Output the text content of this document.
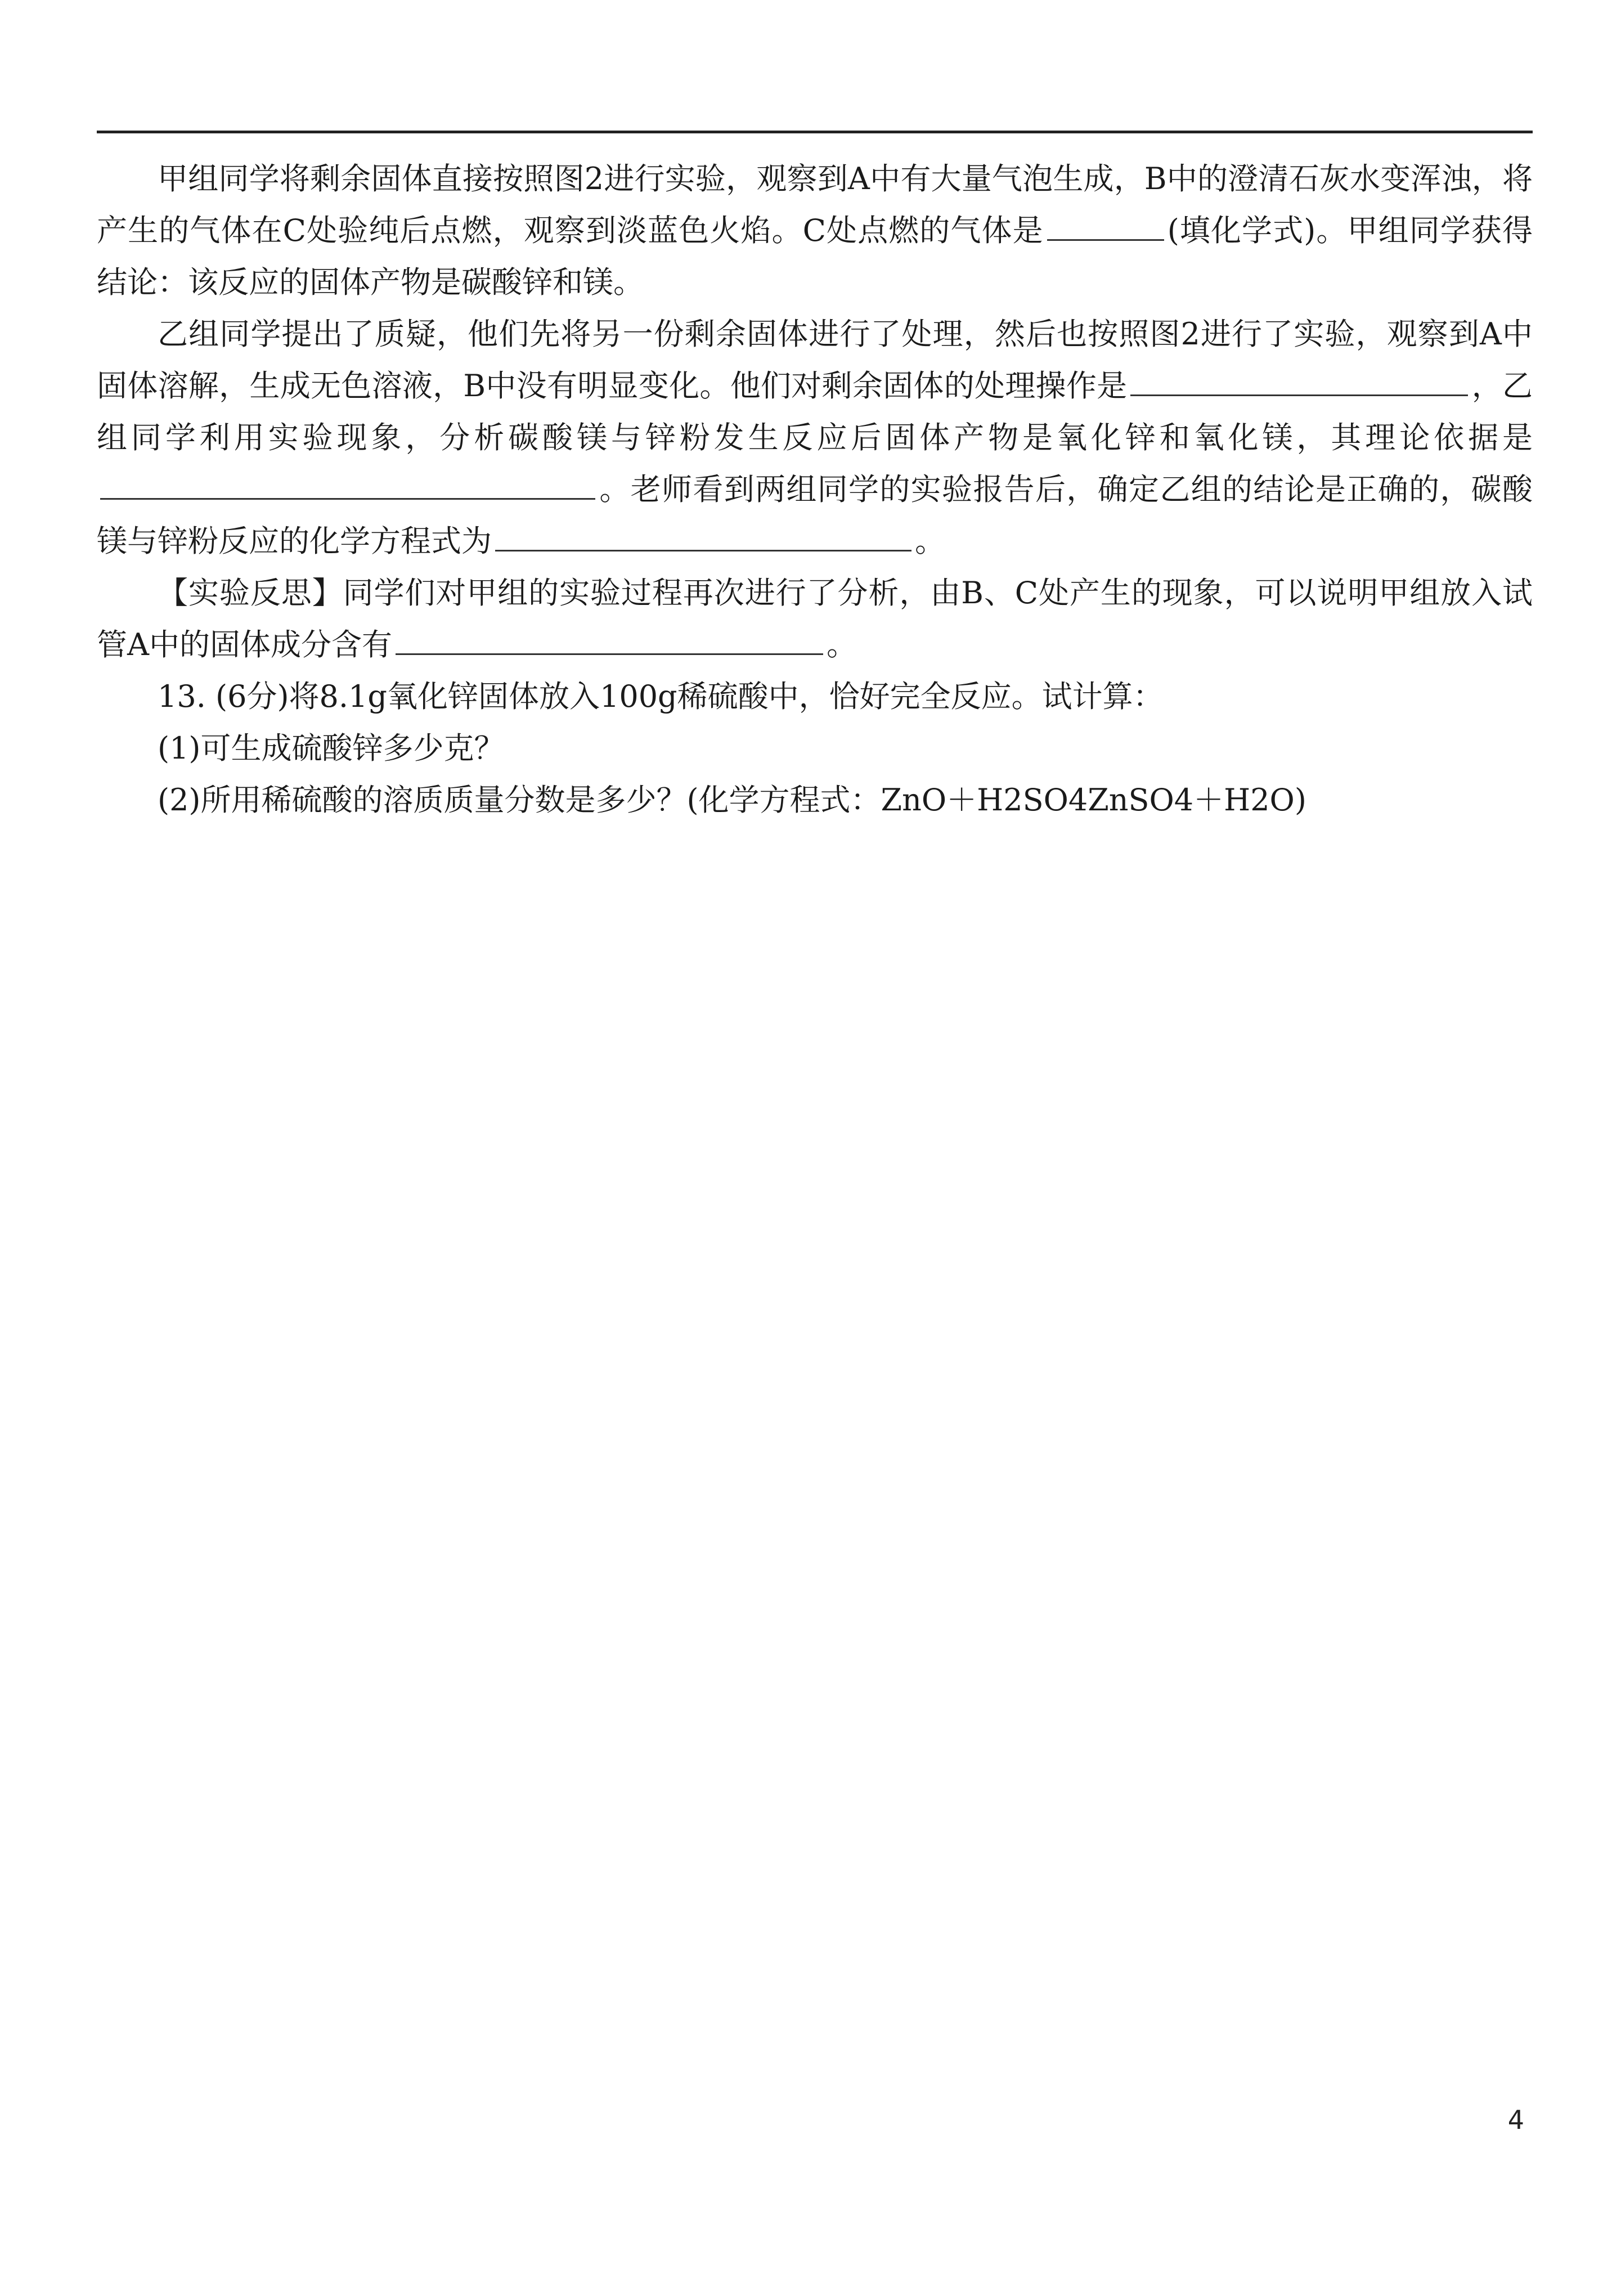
甲组同学将剩余固体直接按照图2进行实验，观察到A中有大量气泡生成，B中的澄清石灰水变浑浊，将产生的气体在C处验纯后点燃，观察到淡蓝色火焰。C处点燃的气体是	(填化学式)。甲组同学获得结论：该反应的固体产物是碳酸锌和镁。

乙组同学提出了质疑，他们先将另一份剩余固体进行了处理，然后也按照图2进行了实验，观察到A中固体溶解，生成无色溶液，B中没有明显变化。他们对剩余固体的处理操作是	，乙组同学利用实验现象，分析碳酸镁与锌粉发生反应后固体产物是氧化锌和氧化镁，其理论依据是。老师看到两组同学的实验报告后，确定乙组的结论是正确的，碳酸镁与锌粉反应的化学方程式为	。

【实验反思】同学们对甲组的实验过程再次进行了分析，由B、C处产生的现象，可以说明甲组放入试管A中的固体成分含有	。

13. (6分)将8.1g氧化锌固体放入100g稀硫酸中，恰好完全反应。试计算：

(1)可生成硫酸锌多少克？

(2)所用稀硫酸的溶质质量分数是多少？(化学方程式：ZnO＋H2SO4ZnSO4＋H2O)

4
